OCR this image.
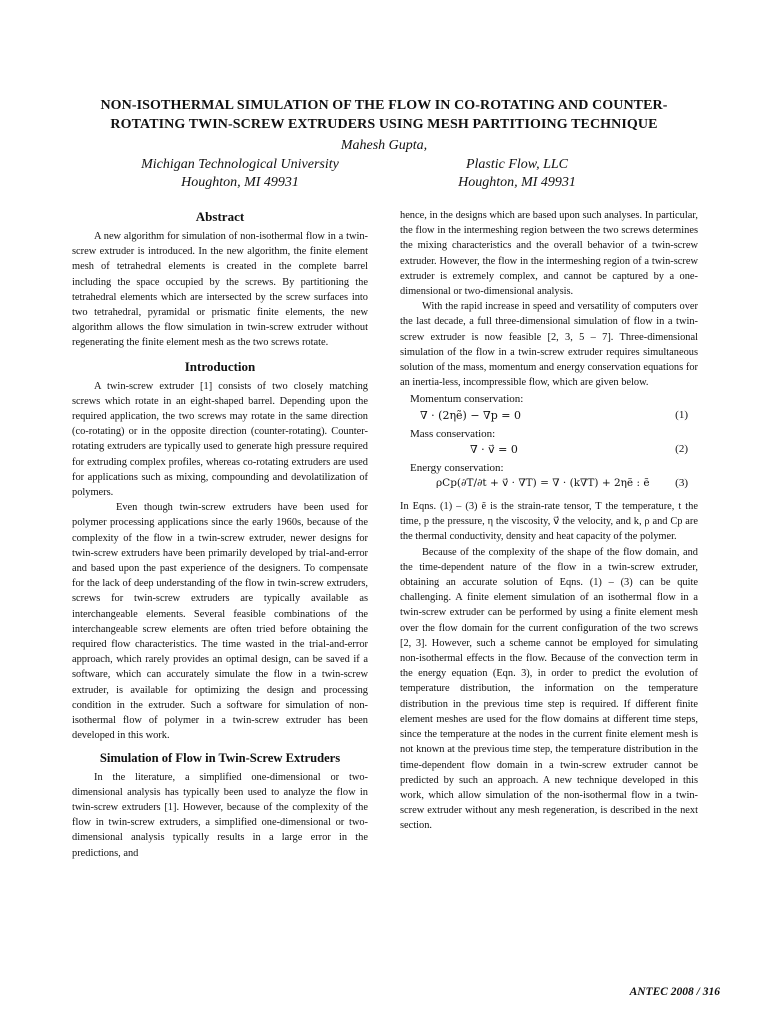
NON-ISOTHERMAL SIMULATION OF THE FLOW IN CO-ROTATING AND COUNTER-
ROTATING TWIN-SCREW EXTRUDERS USING MESH PARTITIOING TECHNIQUE
Mahesh Gupta,
Michigan Technological University
Houghton, MI 49931
Plastic Flow, LLC
Houghton, MI 49931
Abstract

A new algorithm for simulation of non-isothermal flow in a twin-screw extruder is introduced. In the new algorithm, the finite element mesh of tetrahedral elements is created in the complete barrel including the space occupied by the screws. By partitioning the tetrahedral elements which are intersected by the screw surfaces into two tetrahedral, pyramidal or prismatic finite elements, the new algorithm allows the flow simulation in twin-screw extruder without regenerating the finite element mesh as the two screws rotate.

Introduction

A twin-screw extruder [1] consists of two closely matching screws which rotate in an eight-shaped barrel. Depending upon the required application, the two screws may rotate in the same direction (co-rotating) or in the opposite direction (counter-rotating). Counter-rotating extruders are typically used to generate high pressure required for extruding complex profiles, whereas co-rotating extruders are used for applications such as mixing, compounding and devolatilization of polymers.

Even though twin-screw extruders have been used for polymer processing applications since the early 1960s, because of the complexity of the flow in a twin-screw extruder, newer designs for twin-screw extruders have been primarily developed by trial-and-error and based upon the past experience of the designers. To compensate for the lack of deep understanding of the flow in twin-screw extruders, screws for twin-screw extruders are typically available as interchangeable elements. Several feasible combinations of the interchangeable screw elements are often tried before obtaining the required flow characteristics. The time wasted in the trial-and-error approach, which rarely provides an optimal design, can be saved if a software, which can accurately simulate the flow in a twin-screw extruder, is available for optimizing the design and processing condition in the extruder. Such a software for simulation of non-isothermal flow of polymer in a twin-screw extruder has been developed in this work.

Simulation of Flow in Twin-Screw Extruders

In the literature, a simplified one-dimensional or two-dimensional analysis has typically been used to analyze the flow in twin-screw extruders [1]. However, because of the complexity of the flow in twin-screw extruders, a simplified one-dimensional or two-dimensional analysis typically results in a large error in the predictions, and

hence, in the designs which are based upon such analyses. In particular, the flow in the intermeshing region between the two screws determines the mixing characteristics and the overall behavior of a twin-screw extruder. However, the flow in the intermeshing region of a twin-screw extruder is extremely complex, and cannot be captured by a one-dimensional or two-dimensional analysis.

With the rapid increase in speed and versatility of computers over the last decade, a full three-dimensional simulation of flow in a twin-screw extruder is now feasible [2, 3, 5 – 7]. Three-dimensional simulation of the flow in a twin-screw extruder requires simultaneous solution of the mass, momentum and energy conservation equations for an inertia-less, incompressible flow, which are given below.

Momentum conservation:
∇ · (2ηẽ) − ∇p = 0	(1)
Mass conservation:
∇ · v⃗ = 0	(2)
Energy conservation:
ρCp(∂T/∂t + v⃗ · ∇T) = ∇ · (k∇T) + 2ηẽ : ẽ (3)

In Eqns. (1) – (3) ẽ is the strain-rate tensor, T the temperature, t the time, p the pressure, η the viscosity, v⃗ the velocity, and k, ρ and Cp are the thermal conductivity, density and heat capacity of the polymer.

Because of the complexity of the shape of the flow domain, and the time-dependent nature of the flow in a twin-screw extruder, obtaining an accurate solution of Eqns. (1) – (3) can be quite challenging. A finite element simulation of an isothermal flow in a twin-screw extruder can be performed by using a finite element mesh over the flow domain for the current configuration of the two screws [2, 3]. However, such a scheme cannot be employed for simulating non-isothermal effects in the flow. Because of the convection term in the energy equation (Eqn. 3), in order to predict the evolution of temperature distribution, the information on the temperature distribution in the previous time step is required. If different finite element meshes are used for the flow domains at different time steps, since the temperature at the nodes in the current finite element mesh is not known at the previous time step, the temperature distribution in the time-dependent flow domain in a twin-screw extruder cannot be predicted by such an approach. A new technique developed in this work, which allow simulation of the non-isothermal flow in a twin-screw extruder without any mesh regeneration, is described in the next section.

ANTEC 2008 / 316
